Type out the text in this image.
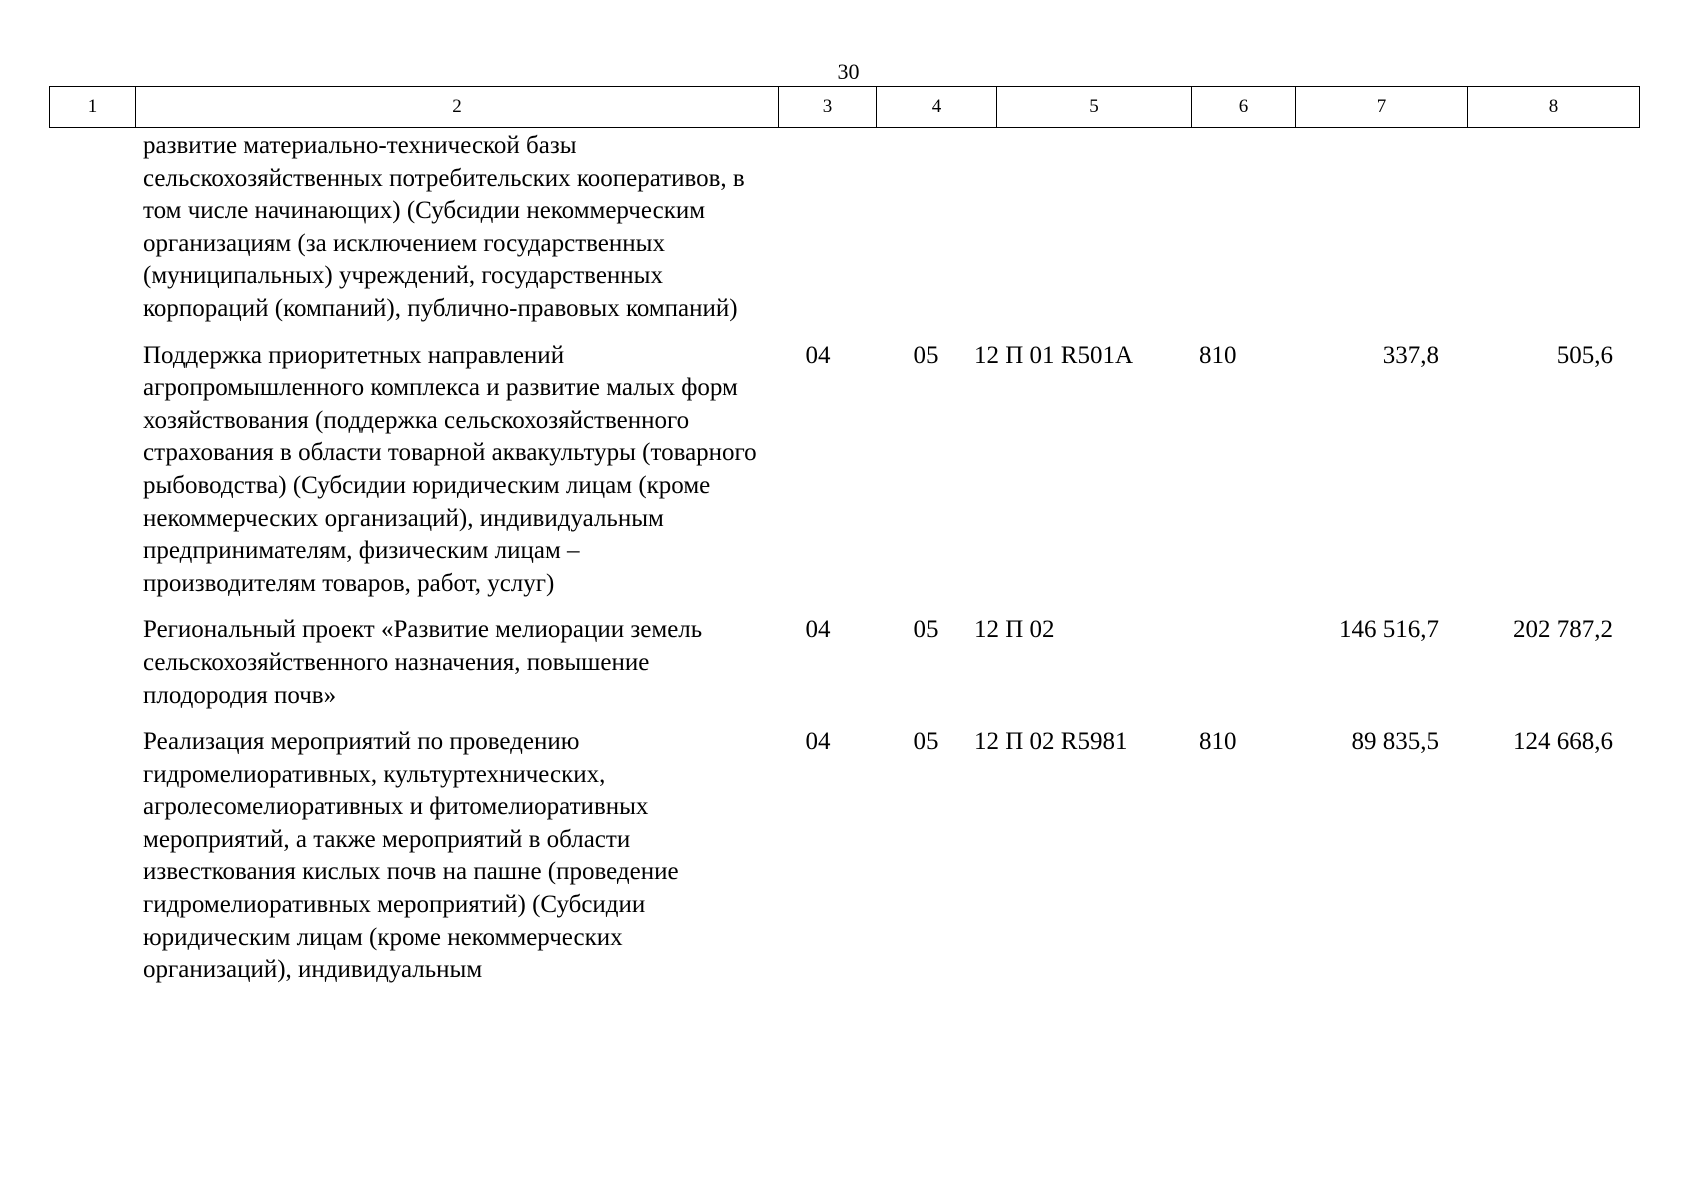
30
1	2	3	4	5	6	7	8
	развитие материально-технической базы сельскохозяйственных потребительских кооперативов, в том числе начинающих) (Субсидии некоммерческим организациям (за исключением государственных (муниципальных) учреждений, государственных корпораций (компаний), публично-правовых компаний)						
	Поддержка приоритетных направлений агропромышленного комплекса и развитие малых форм хозяйствования (поддержка сельскохозяйственного страхования в области товарной аквакультуры (товарного рыбоводства) (Субсидии юридическим лицам (кроме некоммерческих организаций), индивидуальным предпринимателям, физическим лицам – производителям товаров, работ, услуг)	04	05	12 П 01 R501A	810	337,8	505,6
	Региональный проект «Развитие мелиорации земель сельскохозяйственного назначения, повышение плодородия почв»	04	05	12 П 02		146 516,7	202 787,2
	Реализация мероприятий по проведению гидромелиоративных, культуртехнических, агролесомелиоративных и фитомелиоративных мероприятий, а также мероприятий в области известкования кислых почв на пашне (проведение гидромелиоративных мероприятий) (Субсидии юридическим лицам (кроме некоммерческих организаций), индивидуальным	04	05	12 П 02 R5981	810	89 835,5	124 668,6
